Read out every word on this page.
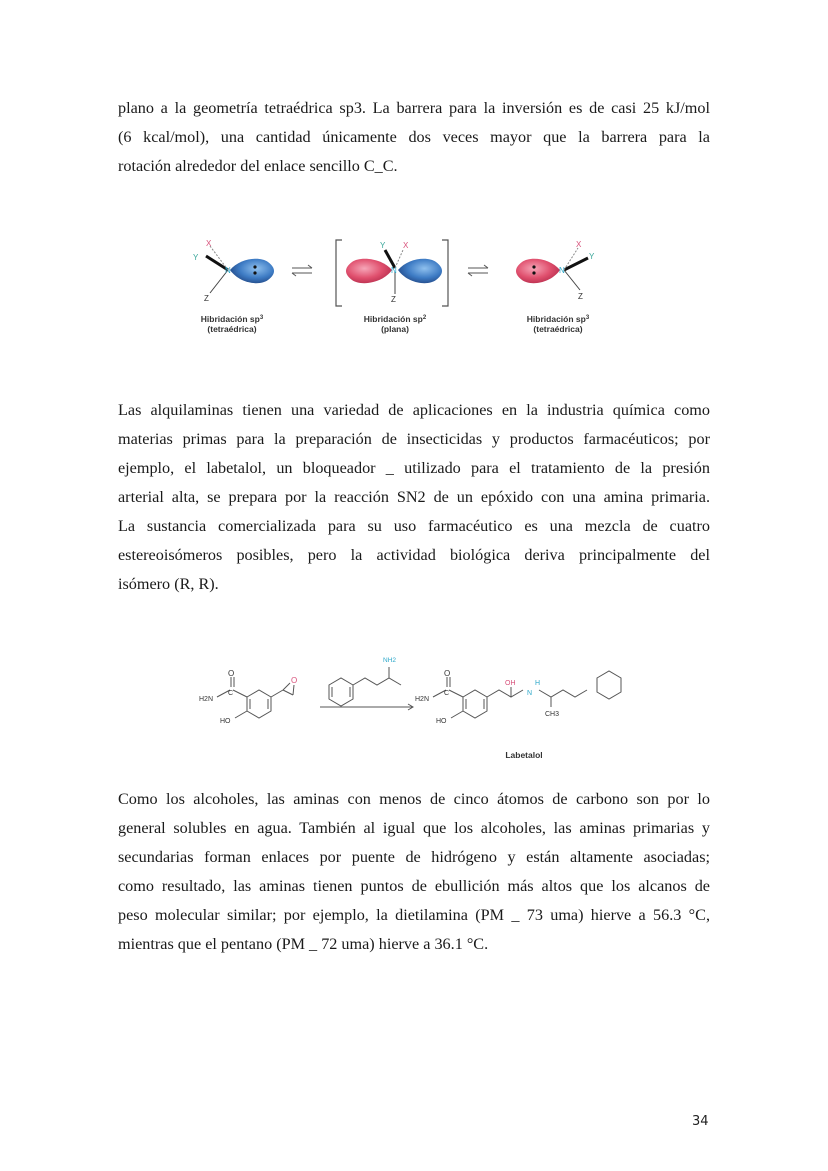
plano a la geometría tetraédrica sp3. La barrera para la inversión es de casi 25 kJ/mol
(6 kcal/mol), una cantidad únicamente dos veces mayor que la barrera para la
rotación alrededor del enlace sencillo C_C.
N
X
Y
Z
N
X
Y
Z
N
X
Y
Z
Hibridación $sp^3$
(tetraédrica)
Hibridación $sp^2$
(plana)
Hibridación $sp^3$
(tetraédrica)
Las alquilaminas tienen una variedad de aplicaciones en la industria química como
materias primas para la preparación de insecticidas y productos farmacéuticos; por
ejemplo, el labetalol, un bloqueador _ utilizado para el tratamiento de la presión
arterial alta, se prepara por la reacción SN2 de un epóxido con una amina primaria.
La sustancia comercializada para su uso farmacéutico es una mezcla de cuatro
estereoisómeros posibles, pero la actividad biológica deriva principalmente del
isómero (R, R).
O
C
H2N
HO
O
NH2
O
C
H2N
HO
OH	H
N
CH3
Labetalol
Como los alcoholes, las aminas con menos de cinco átomos de carbono son por lo
general solubles en agua. También al igual que los alcoholes, las aminas primarias y
secundarias forman enlaces por puente de hidrógeno y están altamente asociadas;
como resultado, las aminas tienen puntos de ebullición más altos que los alcanos de
peso molecular similar; por ejemplo, la dietilamina (PM _ 73 uma) hierve a 56.3 °C,
mientras que el pentano (PM _ 72 uma) hierve a 36.1 °C.
34
